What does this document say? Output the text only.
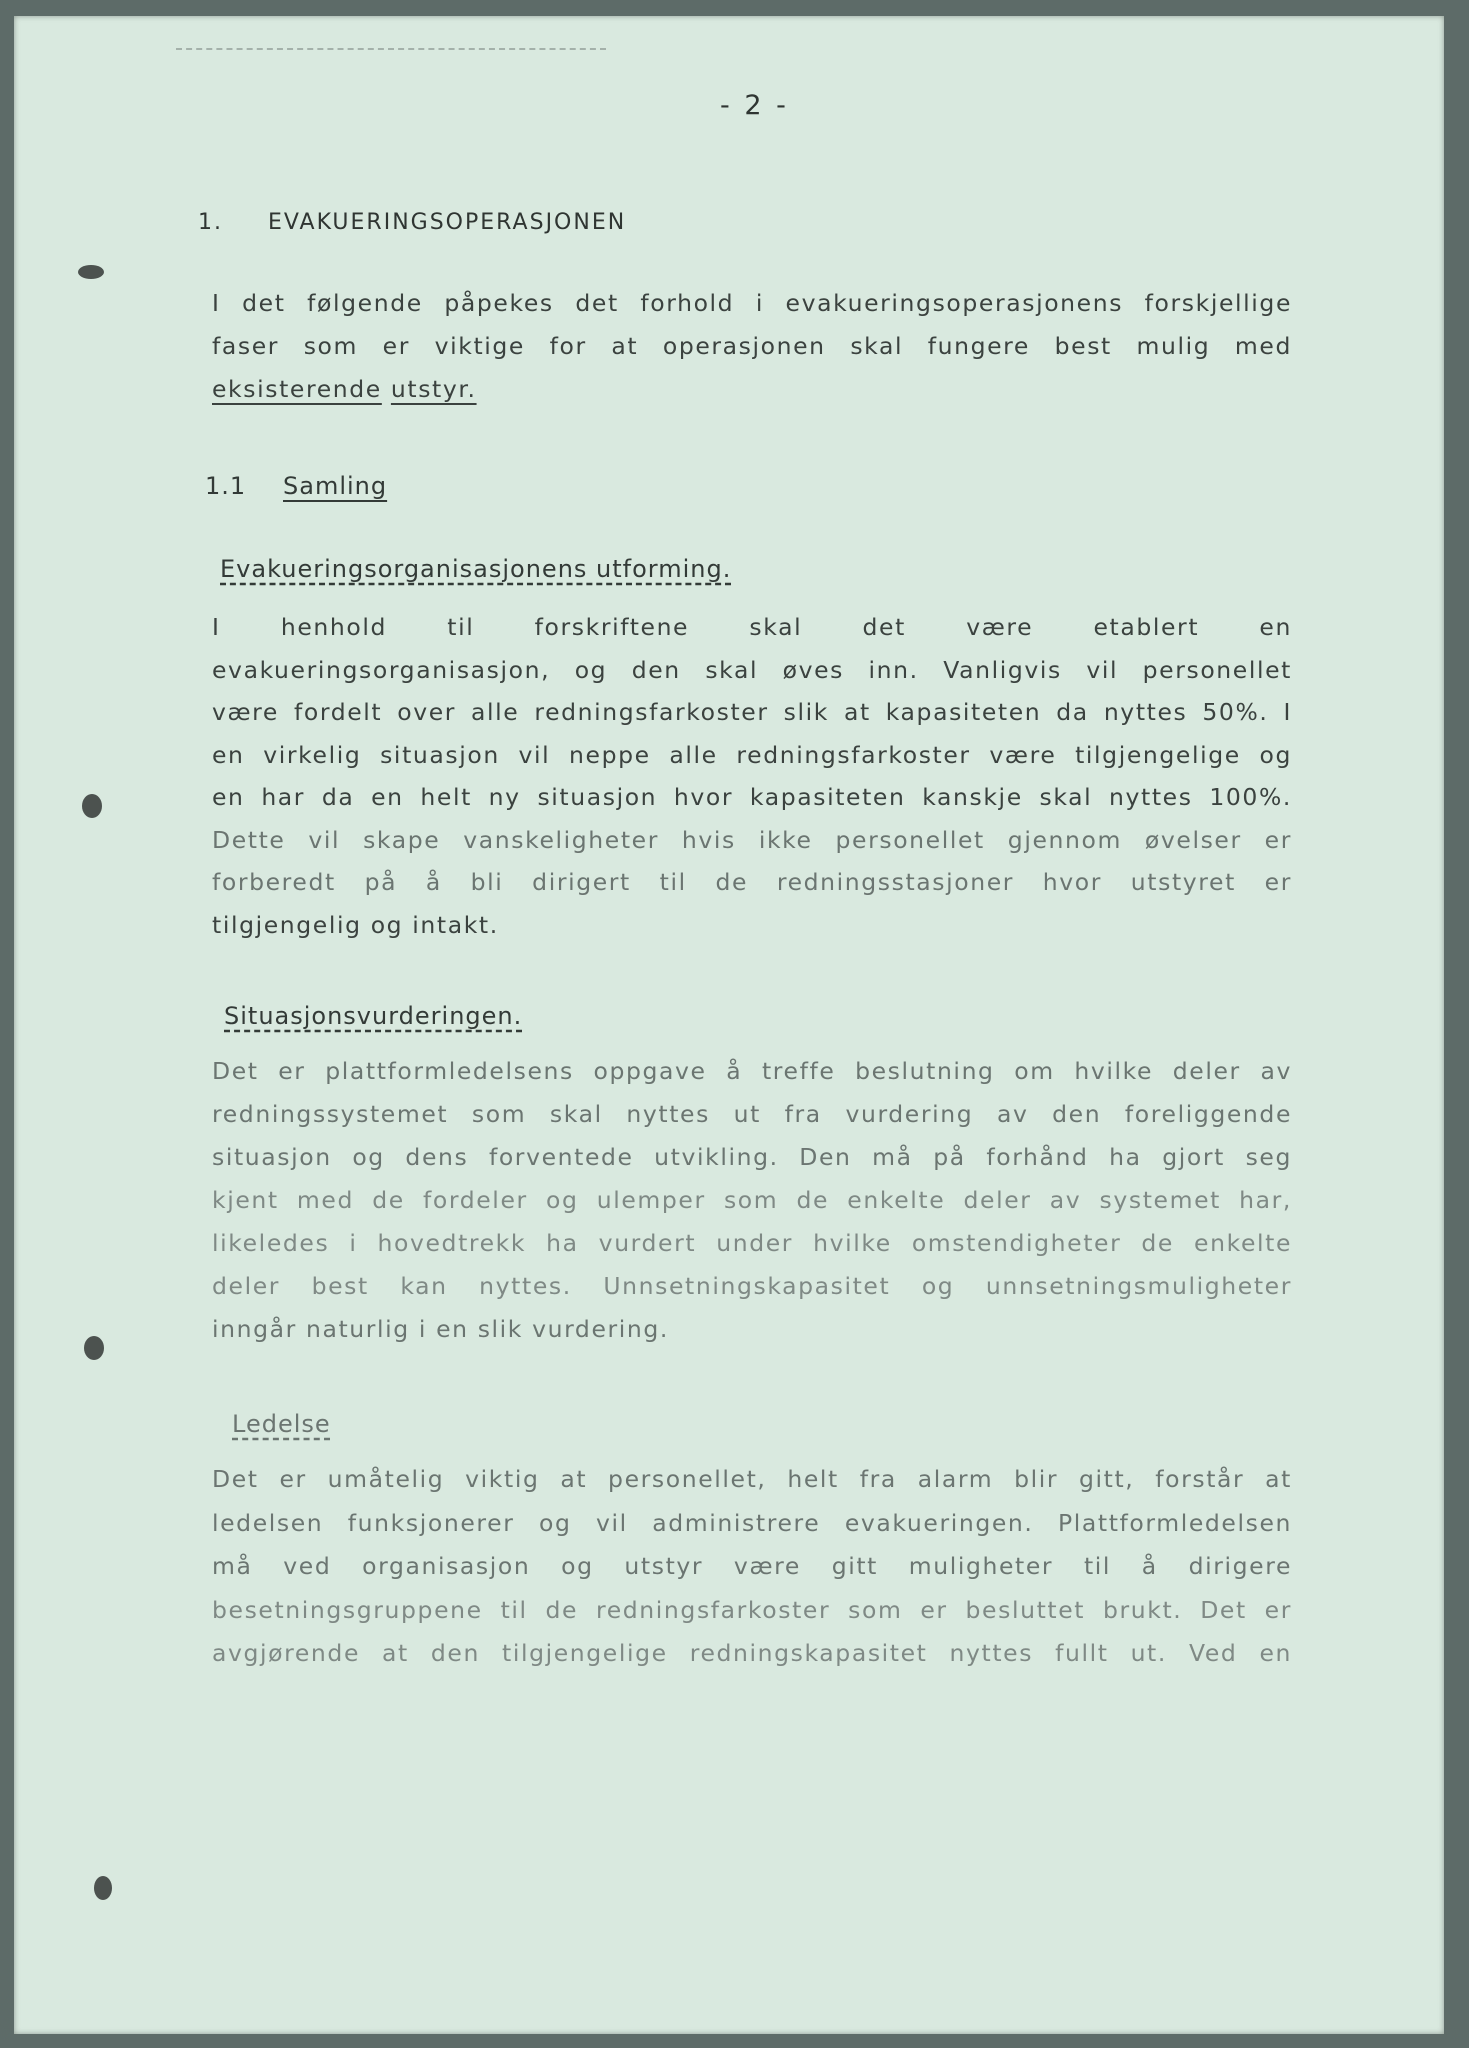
- 2 -
1. EVAKUERINGSOPERASJONEN
I det følgende påpekes det forhold i evakueringsoperasjonens forskjellige
faser som er viktige for at operasjonen skal fungere best mulig med
eksisterende utstyr.
1.1 Samling
Evakueringsorganisasjonens utforming.
I henhold til forskriftene skal det være etablert en
evakueringsorganisasjon, og den skal øves inn. Vanligvis vil personellet
være fordelt over alle redningsfarkoster slik at kapasiteten da nyttes 50%. I
en virkelig situasjon vil neppe alle redningsfarkoster være tilgjengelige og
en har da en helt ny situasjon hvor kapasiteten kanskje skal nyttes 100%.
Dette vil skape vanskeligheter hvis ikke personellet gjennom øvelser er
forberedt på å bli dirigert til de redningsstasjoner hvor utstyret er
tilgjengelig og intakt.
Situasjonsvurderingen.
Det er plattformledelsens oppgave å treffe beslutning om hvilke deler av
redningssystemet som skal nyttes ut fra vurdering av den foreliggende
situasjon og dens forventede utvikling. Den må på forhånd ha gjort seg
kjent med de fordeler og ulemper som de enkelte deler av systemet har,
likeledes i hovedtrekk ha vurdert under hvilke omstendigheter de enkelte
deler best kan nyttes. Unnsetningskapasitet og unnsetningsmuligheter
inngår naturlig i en slik vurdering.
Ledelse
Det er umåtelig viktig at personellet, helt fra alarm blir gitt, forstår at
ledelsen funksjonerer og vil administrere evakueringen. Plattformledelsen
må ved organisasjon og utstyr være gitt muligheter til å dirigere
besetningsgruppene til de redningsfarkoster som er besluttet brukt. Det er
avgjørende at den tilgjengelige redningskapasitet nyttes fullt ut. Ved en
